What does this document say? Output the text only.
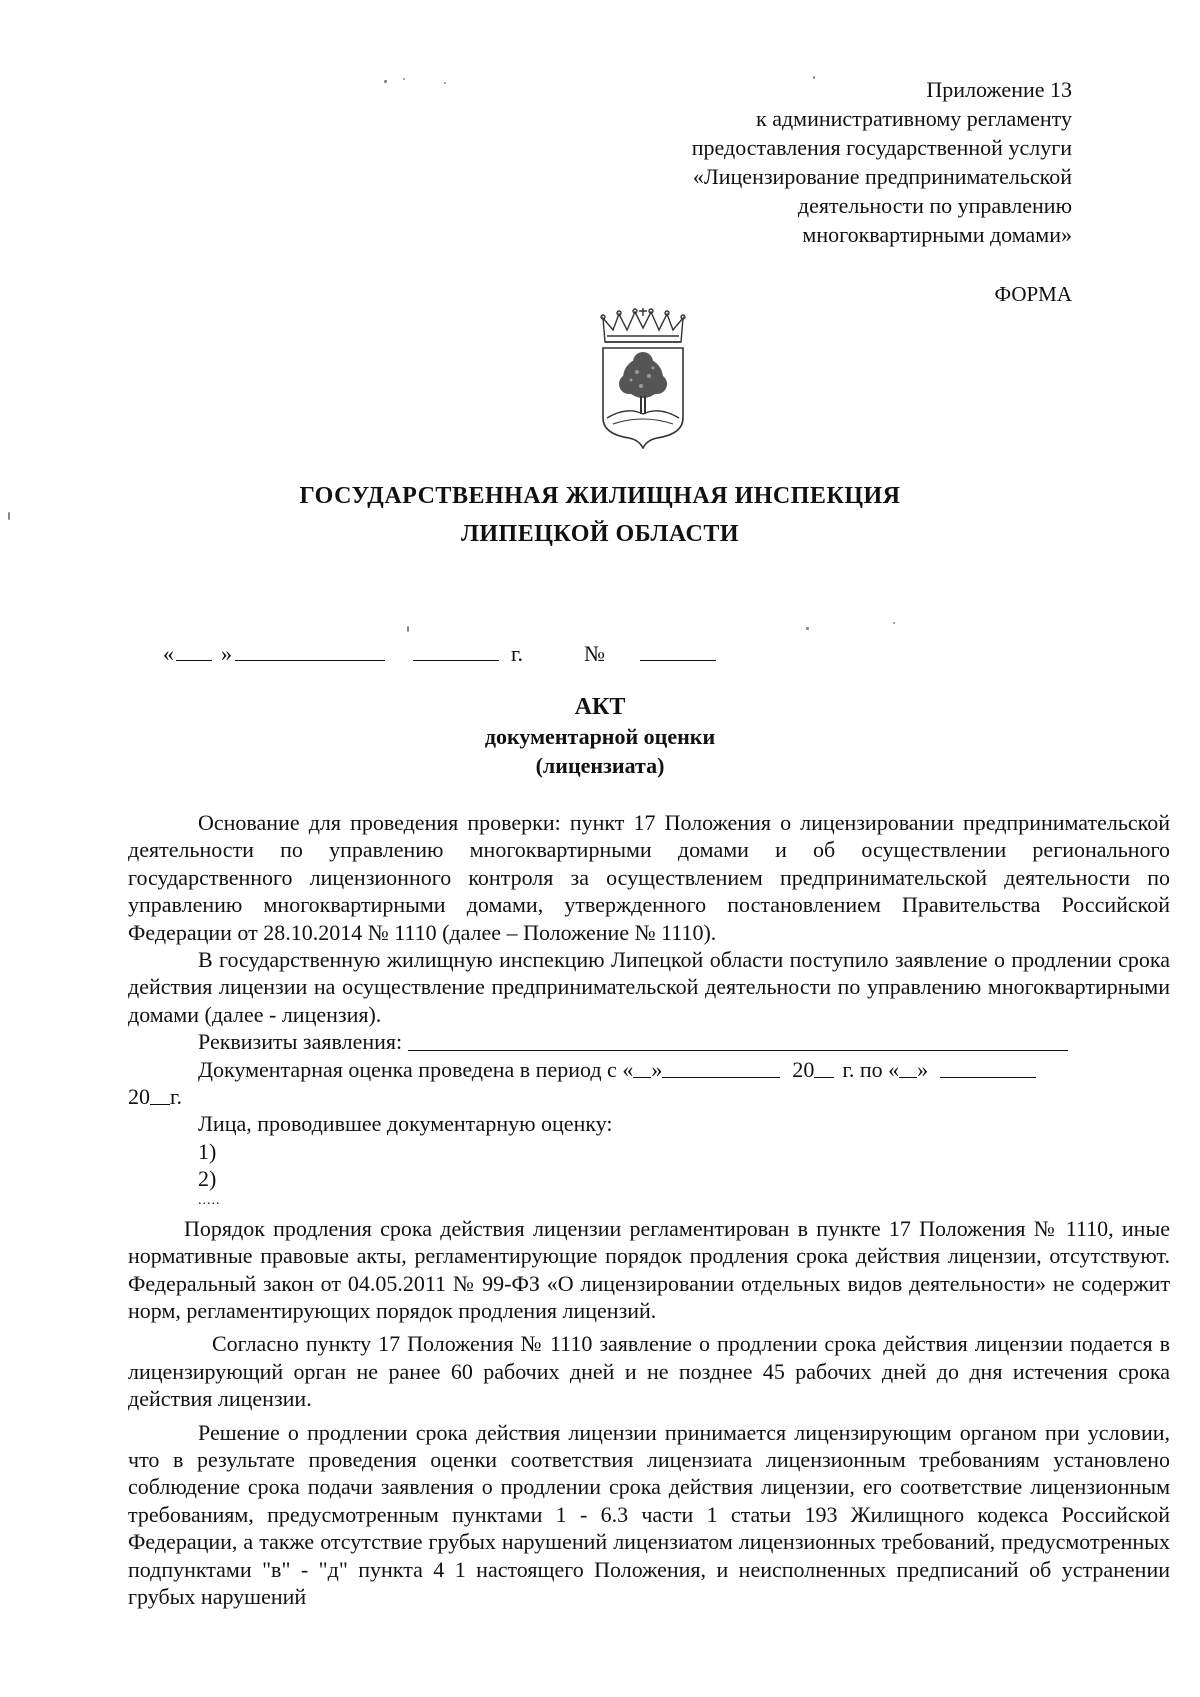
Приложение 13
к административному регламенту
предоставления государственной услуги
«Лицензирование предпринимательской
деятельности по управлению
многоквартирными домами»
ФОРМА
ГОСУДАРСТВЕННАЯ ЖИЛИЩНАЯ ИНСПЕКЦИЯ
ЛИПЕЦКОЙ ОБЛАСТИ
« »	г.	№
АКТ
документарной оценки
(лицензиата)

Основание для проведения проверки: пункт 17 Положения о лицензировании предпринимательской деятельности по управлению многоквартирными домами и об осуществлении регионального государственного лицензионного контроля за осуществлением предпринимательской деятельности по управлению многоквартирными домами, утвержденного постановлением Правительства Российской Федерации от 28.10.2014 № 1110 (далее – Положение № 1110).

В государственную жилищную инспекцию Липецкой области поступило заявление о продлении срока действия лицензии на осуществление предпринимательской деятельности по управлению многоквартирными домами (далее - лицензия).

Реквизиты заявления:
Документарная оценка проведена в период с « »	20 г. по « »
20 г.
Лица, проводившее документарную оценку:
1)
2)
.....

Порядок продления срока действия лицензии регламентирован в пункте 17 Положения № 1110, иные нормативные правовые акты, регламентирующие порядок продления срока действия лицензии, отсутствуют. Федеральный закон от 04.05.2011 № 99-ФЗ «О лицензировании отдельных видов деятельности» не содержит норм, регламентирующих порядок продления лицензий.

Согласно пункту 17 Положения № 1110 заявление о продлении срока действия лицензии подается в лицензирующий орган не ранее 60 рабочих дней и не позднее 45 рабочих дней до дня истечения срока действия лицензии.

Решение о продлении срока действия лицензии принимается лицензирующим органом при условии, что в результате проведения оценки соответствия лицензиата лицензионным требованиям установлено соблюдение срока подачи заявления о продлении срока действия лицензии, его соответствие лицензионным требованиям, предусмотренным пунктами 1 - 6.3 части 1 статьи 193 Жилищного кодекса Российской Федерации, а также отсутствие грубых нарушений лицензиатом лицензионных требований, предусмотренных подпунктами "в" - "д" пункта 4 1 настоящего Положения, и неисполненных предписаний об устранении грубых нарушений
